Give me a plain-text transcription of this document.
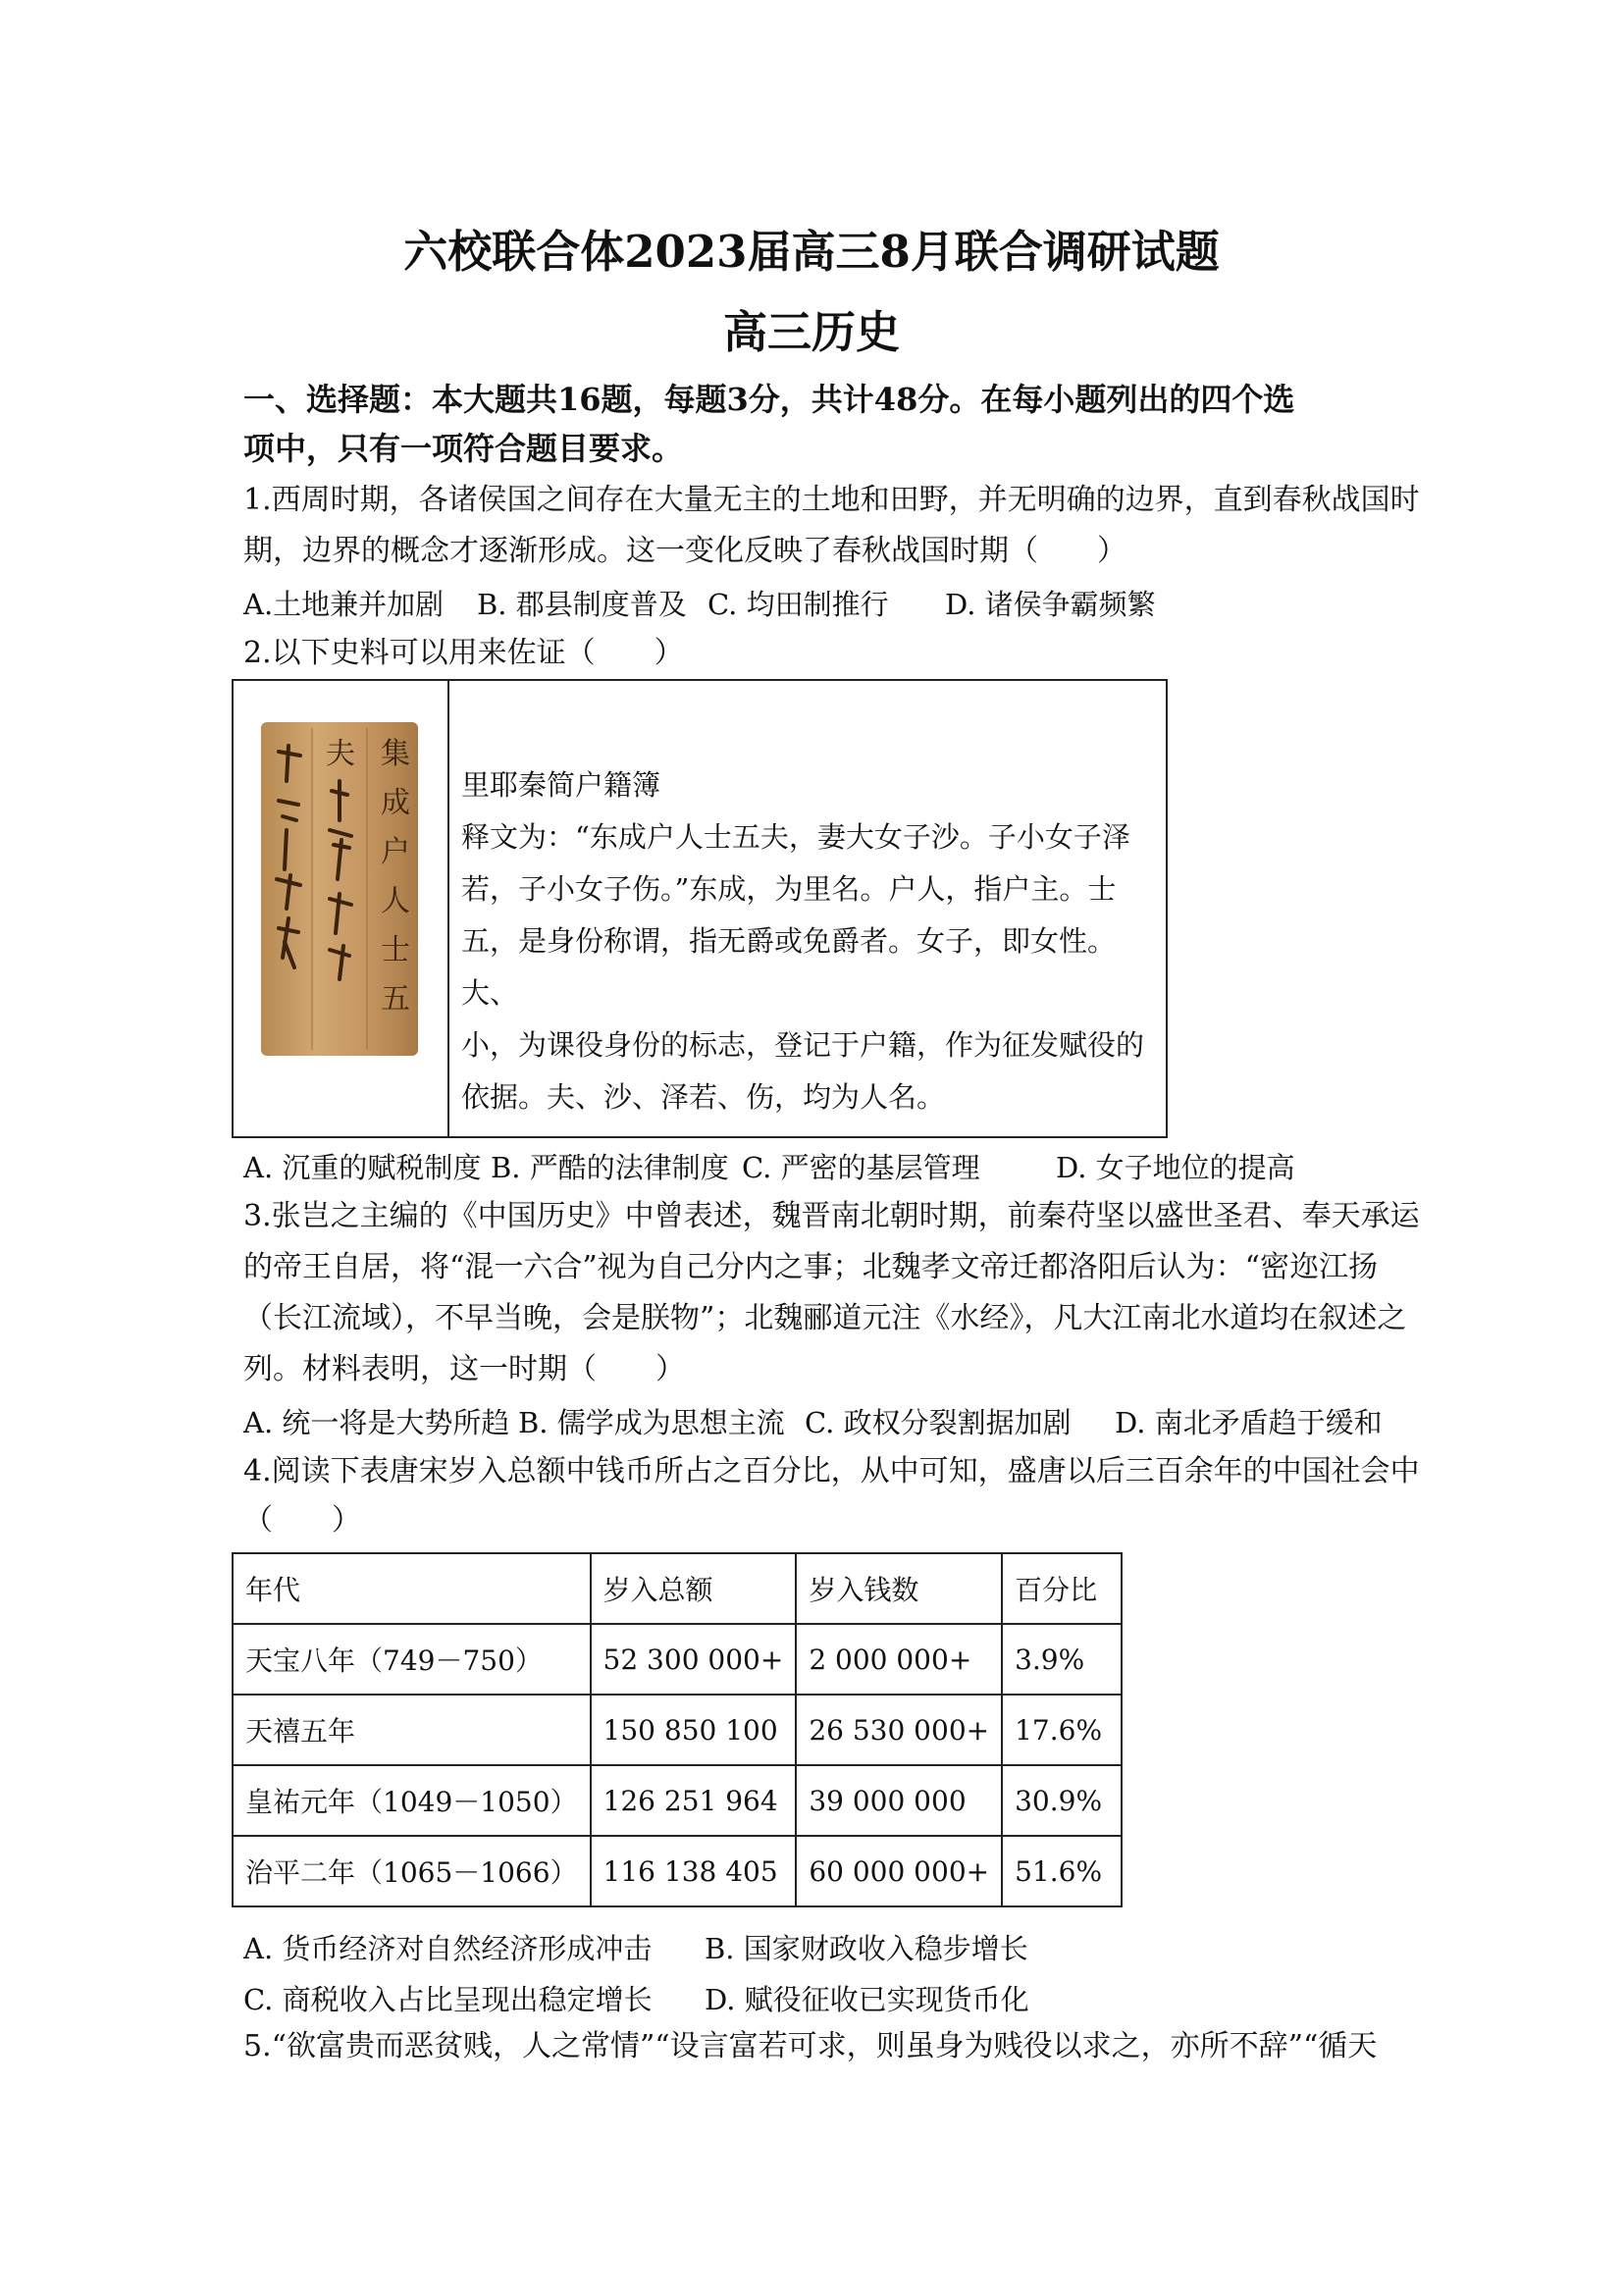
六校联合体2023届高三8月联合调研试题
高三历史
一、选择题：本大题共16题，每题3分，共计48分。在每小题列出的四个选
项中，只有一项符合题目要求。
1.西周时期，各诸侯国之间存在大量无主的土地和田野，并无明确的边界，直到春秋战国时
期，边界的概念才逐渐形成。这一变化反映了春秋战国时期（　　）
A.土地兼并加剧 B. 郡县制度普及 C. 均田制推行 D. 诸侯争霸频繁
2.以下史料可以用来佐证（　　）
集
成
户
人
士
五
夫

里耶秦简户籍簿

释文为：“东成户人士五夫，妻大女子沙。子小女子泽

若，子小女子伤。”东成，为里名。户人，指户主。士

五，是身份称谓，指无爵或免爵者。女子，即女性。大、

小，为课役身份的标志，登记于户籍，作为征发赋役的

依据。夫、沙、泽若、伤，均为人名。

A. 沉重的赋税制度 B. 严酷的法律制度 C. 严密的基层管理	D. 女子地位的提高
3.张岂之主编的《中国历史》中曾表述，魏晋南北朝时期，前秦苻坚以盛世圣君、奉天承运
的帝王自居，将“混一六合”视为自己分内之事；北魏孝文帝迁都洛阳后认为：“密迩江扬
（长江流域），不早当晚，会是朕物”；北魏郦道元注《水经》，凡大江南北水道均在叙述之
列。材料表明，这一时期（　　）
A. 统一将是大势所趋 B. 儒学成为思想主流 C. 政权分裂割据加剧 D. 南北矛盾趋于缓和
4.阅读下表唐宋岁入总额中钱币所占之百分比，从中可知，盛唐以后三百余年的中国社会中
（　　）
年代	岁入总额	岁入钱数	百分比
天宝八年（749－750）	52 300 000+	2 000 000+	3.9%
天禧五年	150 850 100	26 530 000+	17.6%
皇祐元年（1049－1050）	126 251 964	39 000 000	30.9%
治平二年（1065－1066）	116 138 405	60 000 000+	51.6%
A. 货币经济对自然经济形成冲击 B. 国家财政收入稳步增长
C. 商税收入占比呈现出稳定增长 D. 赋役征收已实现货币化
5.“欲富贵而恶贫贱，人之常情”“设言富若可求，则虽身为贱役以求之，亦所不辞”“循天
